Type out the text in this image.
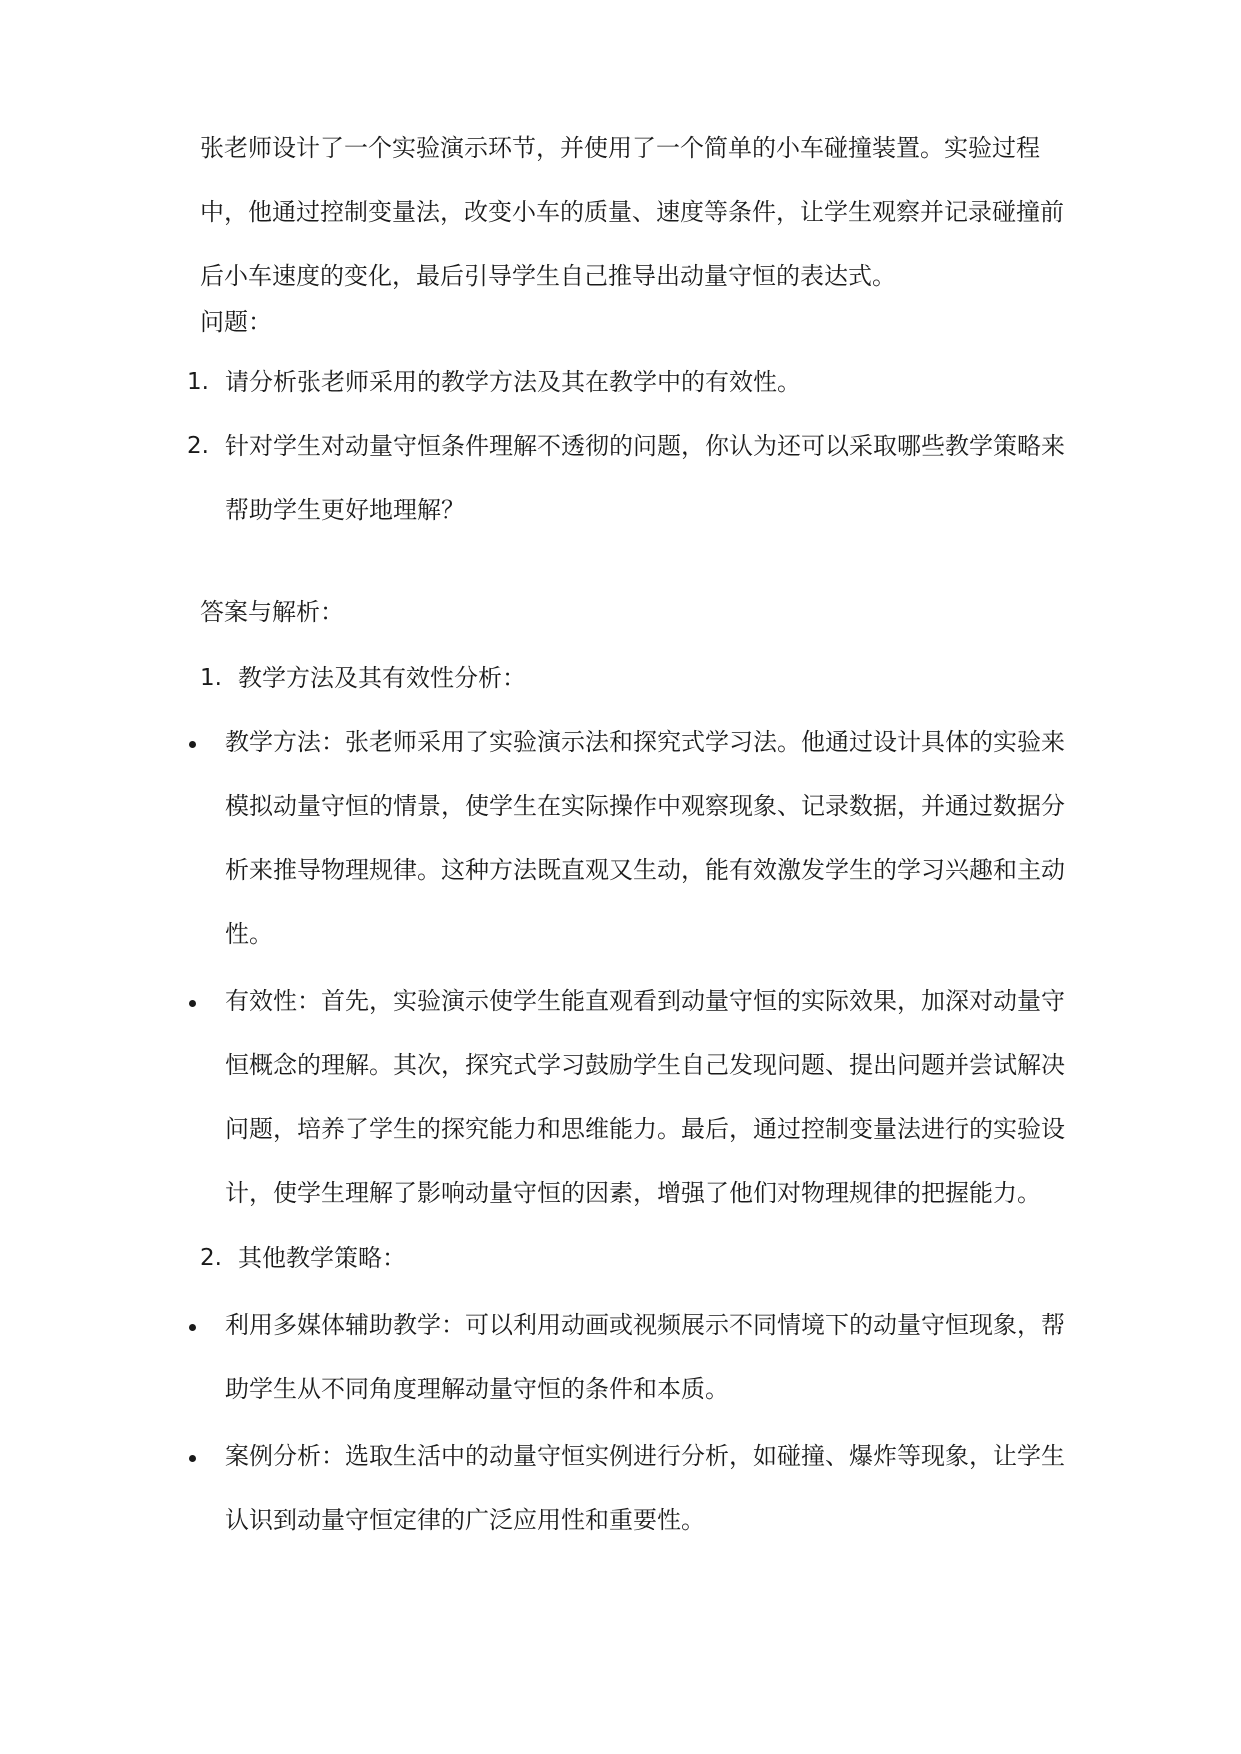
张老师设计了一个实验演示环节，并使用了一个简单的小车碰撞装置。实验过程中，他通过控制变量法，改变小车的质量、速度等条件，让学生观察并记录碰撞前后小车速度的变化，最后引导学生自己推导出动量守恒的表达式。
问题：
1. 请分析张老师采用的教学方法及其在教学中的有效性。
2. 针对学生对动量守恒条件理解不透彻的问题，你认为还可以采取哪些教学策略来帮助学生更好地理解？
答案与解析：
1. 教学方法及其有效性分析：
教学方法：张老师采用了实验演示法和探究式学习法。他通过设计具体的实验来模拟动量守恒的情景，使学生在实际操作中观察现象、记录数据，并通过数据分析来推导物理规律。这种方法既直观又生动，能有效激发学生的学习兴趣和主动性。
有效性：首先，实验演示使学生能直观看到动量守恒的实际效果，加深对动量守恒概念的理解。其次，探究式学习鼓励学生自己发现问题、提出问题并尝试解决问题，培养了学生的探究能力和思维能力。最后，通过控制变量法进行的实验设计，使学生理解了影响动量守恒的因素，增强了他们对物理规律的把握能力。
2. 其他教学策略：
利用多媒体辅助教学：可以利用动画或视频展示不同情境下的动量守恒现象，帮助学生从不同角度理解动量守恒的条件和本质。
案例分析：选取生活中的动量守恒实例进行分析，如碰撞、爆炸等现象，让学生认识到动量守恒定律的广泛应用性和重要性。
